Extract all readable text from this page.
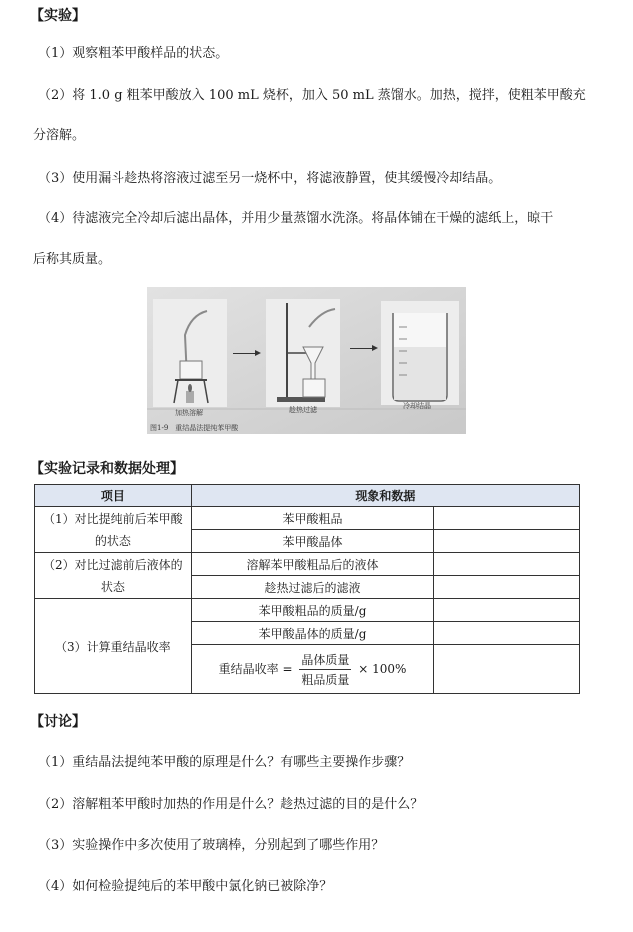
【实验】
（1）观察粗苯甲酸样品的状态。
（2）将 1.0 g 粗苯甲酸放入 100 mL 烧杯，加入 50 mL 蒸馏水。加热，搅拌，使粗苯甲酸充
分溶解。
（3）使用漏斗趁热将溶液过滤至另一烧杯中，将滤液静置，使其缓慢冷却结晶。
（4）待滤液完全冷却后滤出晶体，并用少量蒸馏水洗涤。将晶体铺在干燥的滤纸上，晾干
后称其质量。
加热溶解	趁热过滤	冷却结晶
图1-9　重结晶法提纯苯甲酸
【实验记录和数据处理】
项目	现象和数据	
（1）对比提纯前后苯甲酸的状态	苯甲酸粗品	
	苯甲酸晶体	
（2）对比过滤前后液体的状态	溶解苯甲酸粗品后的液体	
	趁热过滤后的滤液	
（3）计算重结晶收率	苯甲酸粗品的质量/g	
	苯甲酸晶体的质量/g	
	重结晶收率 = $\frac{\text{晶体质量}}{\text{粗品质量}} \times 100\%$	
【讨论】
（1）重结晶法提纯苯甲酸的原理是什么？有哪些主要操作步骤？
（2）溶解粗苯甲酸时加热的作用是什么？趁热过滤的目的是什么？
（3）实验操作中多次使用了玻璃棒，分别起到了哪些作用？
（4）如何检验提纯后的苯甲酸中氯化钠已被除净？
